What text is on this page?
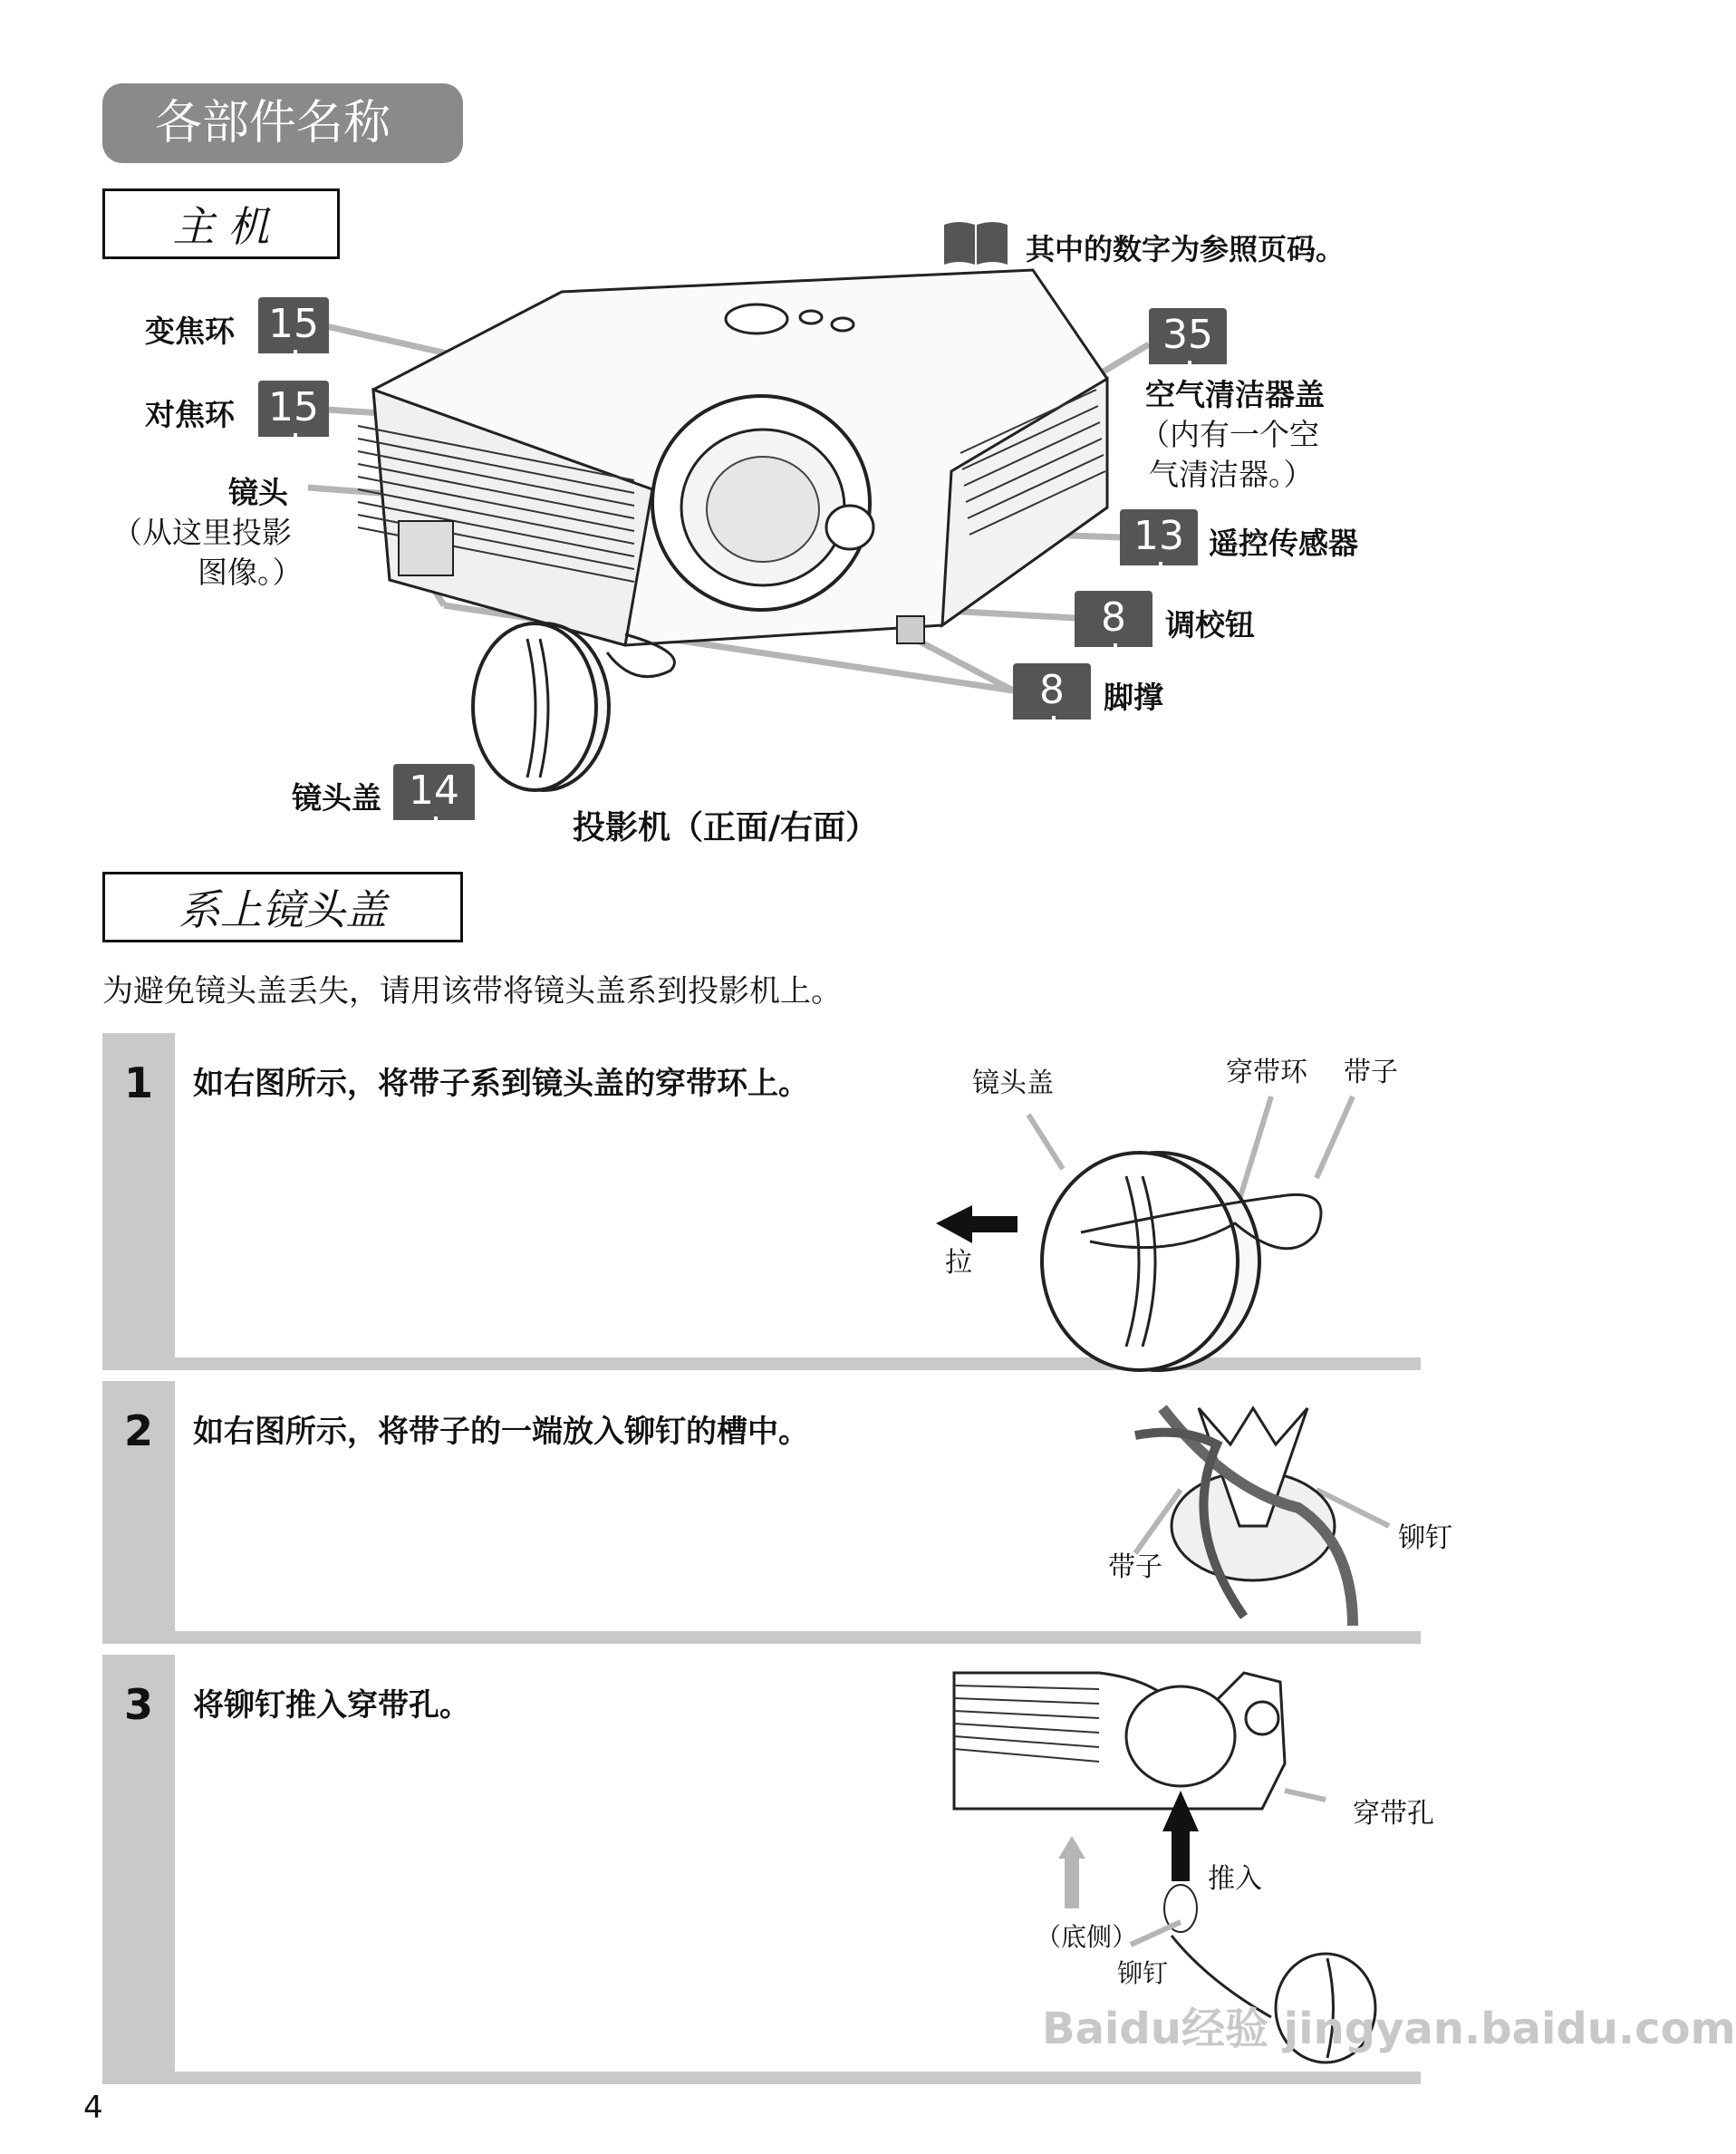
各部件名称
主 机	其中的数字为参照页码。
变焦环 15
对焦环 15
镜头
（从这里投影
图像。）
镜头盖 14
35
空气清洁器盖
（内有一个空
气清洁器。）
13 遥控传感器
8	调校钮
8	脚撑
投影机（正面/右面）
系上镜头盖
为避免镜头盖丢失，请用该带将镜头盖系到投影机上。
1	如右图所示，将带子系到镜头盖的穿带环上。	镜头盖	穿带环 带子
拉
2	如右图所示，将带子的一端放入铆钉的槽中。
带子
铆钉
3	将铆钉推入穿带孔。
穿带孔
推入
（底侧）
铆钉
Baidu经验 jingyan.baidu.com
4
